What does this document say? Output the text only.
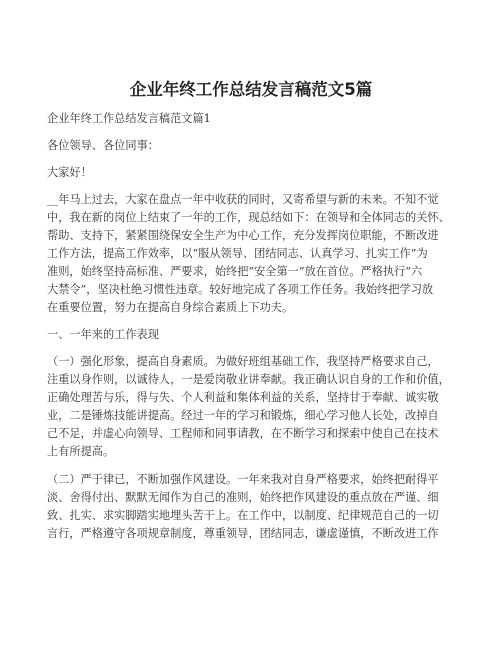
企业年终工作总结发言稿范文5篇
企业年终工作总结发言稿范文篇1
各位领导、各位同事：
大家好！
__年马上过去，大家在盘点一年中收获的同时，又寄希望与新的未来。不知不觉
中，我在新的岗位上结束了一年的工作，现总结如下：在领导和全体同志的关怀、
帮助、支持下，紧紧围绕保安全生产为中心工作，充分发挥岗位职能，不断改进
工作方法，提高工作效率，以“服从领导、团结同志、认真学习、扎实工作”为
准则，始终坚持高标准、严要求，始终把“安全第一”放在首位。严格执行“六
大禁令”，坚决杜绝习惯性违章。较好地完成了各项工作任务。我始终把学习放
在重要位置，努力在提高自身综合素质上下功夫。
一、一年来的工作表现
（一）强化形象，提高自身素质。为做好班组基础工作，我坚持严格要求自己，
注重以身作则，以诚待人，一是爱岗敬业讲奉献。我正确认识自身的工作和价值，
正确处理苦与乐，得与失、个人利益和集体利益的关系，坚持甘于奉献、诚实敬
业，二是锤炼技能讲提高。经过一年的学习和锻炼，细心学习他人长处，改掉自
己不足，并虚心向领导、工程师和同事请教，在不断学习和探索中使自己在技术
上有所提高。
（二）严于律已，不断加强作风建设。一年来我对自身严格要求，始终把耐得平
淡、舍得付出、默默无闻作为自己的准则，始终把作风建设的重点放在严谨、细
致、扎实、求实脚踏实地埋头苦干上。在工作中，以制度、纪律规范自己的一切
言行，严格遵守各项规章制度，尊重领导，团结同志，谦虚谨慎，不断改进工作
